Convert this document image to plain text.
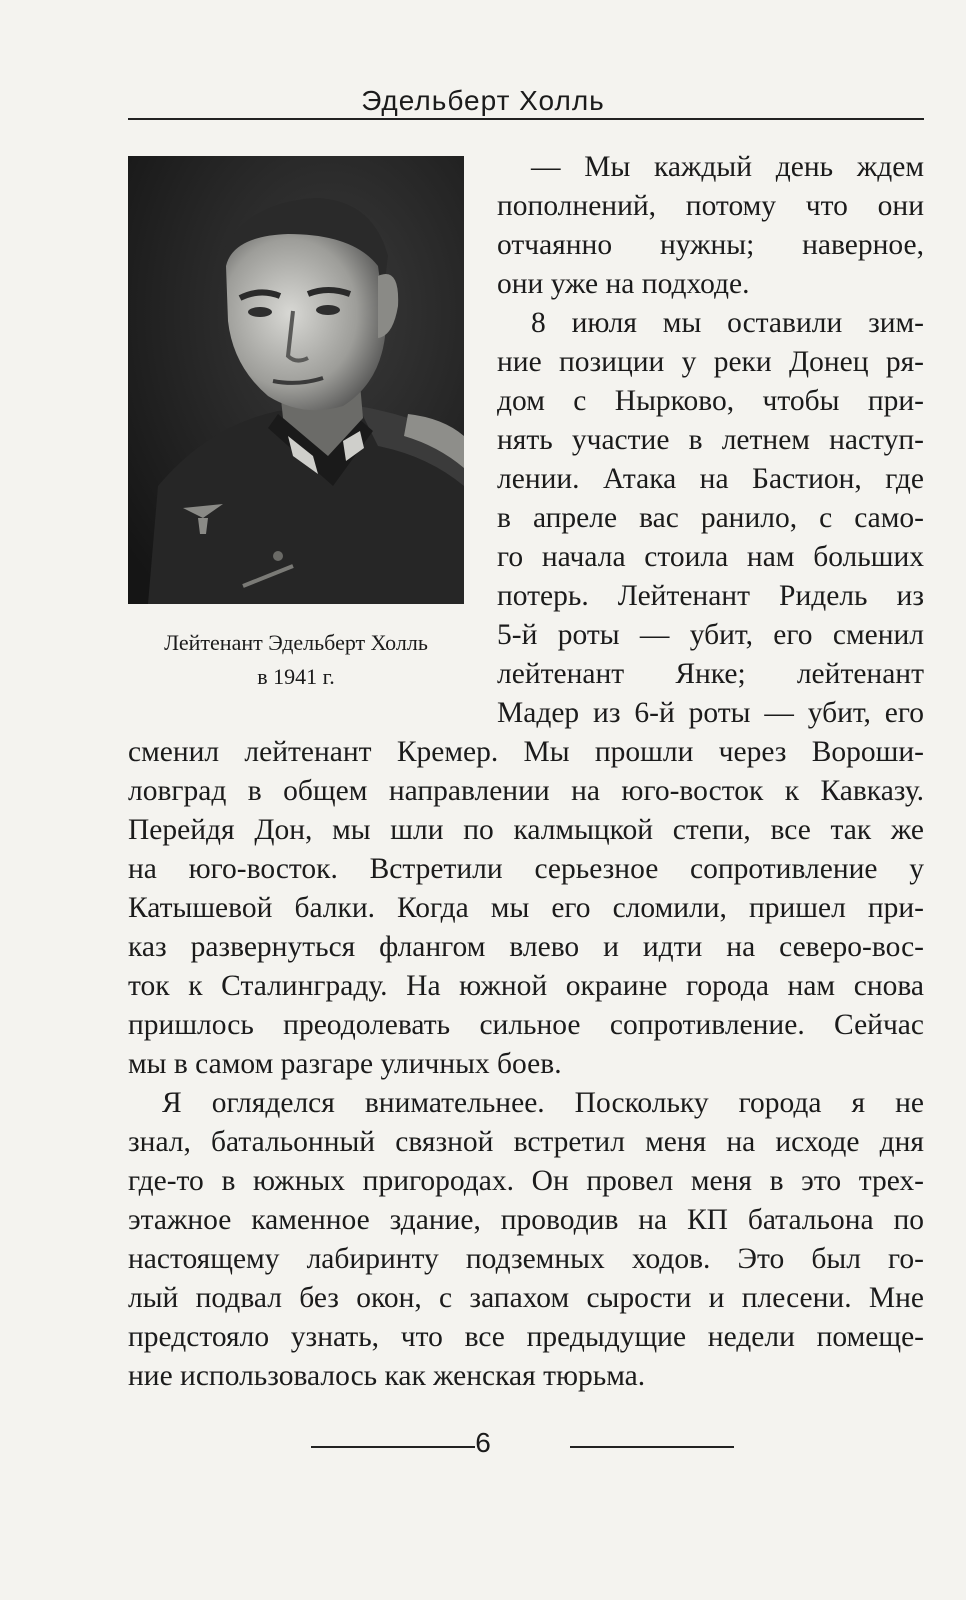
Эдельберт Холль
Лейтенант Эдельберт Холль
в 1941 г.
— Мы каждый день ждем
пополнений, потому что они
отчаянно нужны; наверное,
они уже на подходе.
8 июля мы оставили зим-
ние позиции у реки Донец ря-
дом с Нырково, чтобы при-
нять участие в летнем наступ-
лении. Атака на Бастион, где
в апреле вас ранило, с само-
го начала стоила нам больших
потерь. Лейтенант Ридель из
5-й роты — убит, его сменил
лейтенант Янке; лейтенант
Мадер из 6-й роты — убит, его
сменил лейтенант Кремер. Мы прошли через Вороши-
ловград в общем направлении на юго-восток к Кавказу.
Перейдя Дон, мы шли по калмыцкой степи, все так же
на юго-восток. Встретили серьезное сопротивление у
Катышевой балки. Когда мы его сломили, пришел при-
каз развернуться флангом влево и идти на северо-вос-
ток к Сталинграду. На южной окраине города нам снова
пришлось преодолевать сильное сопротивление. Сейчас
мы в самом разгаре уличных боев.
Я огляделся внимательнее. Поскольку города я не
знал, батальонный связной встретил меня на исходе дня
где-то в южных пригородах. Он провел меня в это трех-
этажное каменное здание, проводив на КП батальона по
настоящему лабиринту подземных ходов. Это был го-
лый подвал без окон, с запахом сырости и плесени. Мне
предстояло узнать, что все предыдущие недели помеще-
ние использовалось как женская тюрьма.
6
